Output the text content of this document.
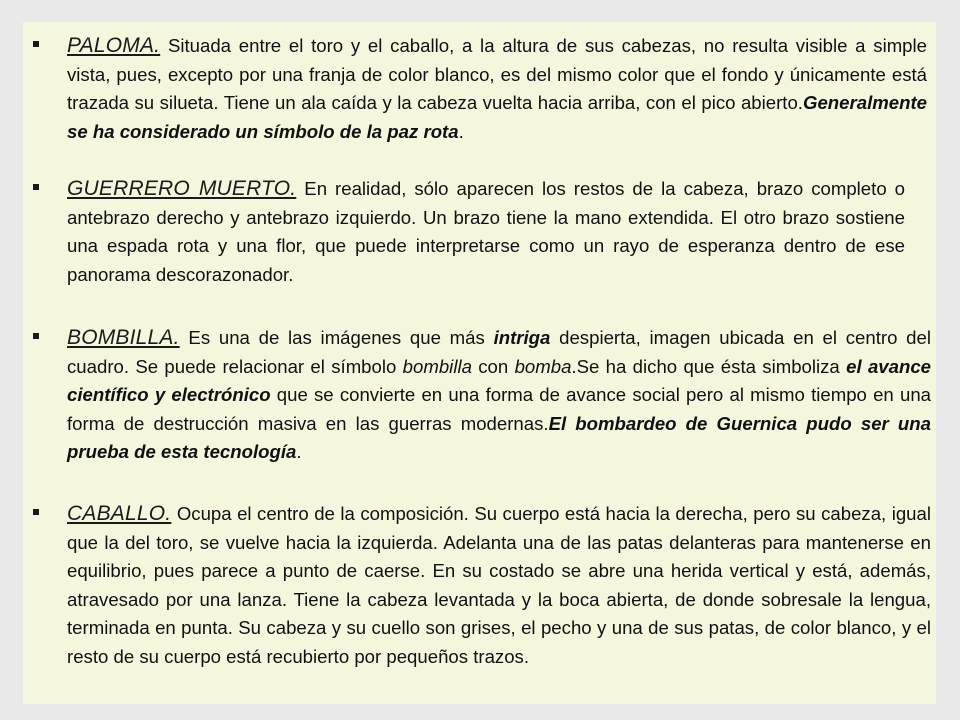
PALOMA. Situada entre el toro y el caballo, a la altura de sus cabezas, no resulta visible a simple vista, pues, excepto por una franja de color blanco, es del mismo color que el fondo y únicamente está trazada su silueta. Tiene un ala caída y la cabeza vuelta hacia arriba, con el pico abierto.Generalmente se ha considerado un símbolo de la paz rota.
GUERRERO MUERTO. En realidad, sólo aparecen los restos de la cabeza, brazo completo o antebrazo derecho y antebrazo izquierdo. Un brazo tiene la mano extendida. El otro brazo sostiene una espada rota y una flor, que puede interpretarse como un rayo de esperanza dentro de ese panorama descorazonador.
BOMBILLA. Es una de las imágenes que más intriga despierta, imagen ubicada en el centro del cuadro. Se puede relacionar el símbolo bombilla con bomba.Se ha dicho que ésta simboliza el avance científico y electrónico que se convierte en una forma de avance social pero al mismo tiempo en una forma de destrucción masiva en las guerras modernas.El bombardeo de Guernica pudo ser una prueba de esta tecnología.
CABALLO. Ocupa el centro de la composición. Su cuerpo está hacia la derecha, pero su cabeza, igual que la del toro, se vuelve hacia la izquierda. Adelanta una de las patas delanteras para mantenerse en equilibrio, pues parece a punto de caerse. En su costado se abre una herida vertical y está, además, atravesado por una lanza. Tiene la cabeza levantada y la boca abierta, de donde sobresale la lengua, terminada en punta. Su cabeza y su cuello son grises, el pecho y una de sus patas, de color blanco, y el resto de su cuerpo está recubierto por pequeños trazos.
